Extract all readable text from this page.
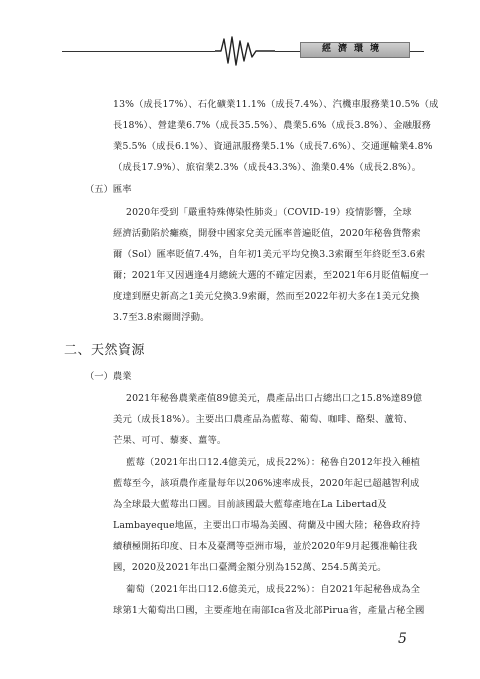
經濟環境
13%（成長17%）、石化礦業11.1%（成長7.4%）、汽機車服務業10.5%（成
長18%）、營建業6.7%（成長35.5%）、農業5.6%（成長3.8%）、金融服務
業5.5%（成長6.1%）、資通訊服務業5.1%（成長7.6%）、交通運輸業4.8%
（成長17.9%）、旅宿業2.3%（成長43.3%）、漁業0.4%（成長2.8%）。
（五）匯率
2020年受到「嚴重特殊傳染性肺炎」（COVID-19）疫情影響，全球
經濟活動陷於癱瘓，開發中國家兌美元匯率普遍貶值，2020年秘魯貨幣索
爾（Sol）匯率貶值7.4%，自年初1美元平均兌換3.3索爾至年終貶至3.6索
爾；2021年又因遇逢4月總統大選的不確定因素，至2021年6月貶值幅度一
度達到歷史新高之1美元兌換3.9索爾，然而至2022年初大多在1美元兌換
3.7至3.8索爾間浮動。
二、天然資源
（一）農業
2021年秘魯農業產值89億美元，農產品出口占總出口之15.8%達89億
美元（成長18%）。主要出口農產品為藍莓、葡萄、咖啡、酪梨、蘆筍、
芒果、可可、藜麥、薑等。
藍莓（2021年出口12.4億美元，成長22%）：秘魯自2012年投入種植
藍莓至今，該項農作產量每年以206%速率成長，2020年起已超越智利成
為全球最大藍莓出口國。目前該國最大藍莓產地在La Libertad及
Lambayeque地區，主要出口市場為美國、荷蘭及中國大陸；秘魯政府持
續積極開拓印度、日本及臺灣等亞洲市場，並於2020年9月起獲准輸往我
國，2020及2021年出口臺灣金額分別為152萬、254.5萬美元。
葡萄（2021年出口12.6億美元，成長22%）：自2021年起秘魯成為全
球第1大葡萄出口國，主要產地在南部Ica省及北部Pirua省，產量占秘全國
5
